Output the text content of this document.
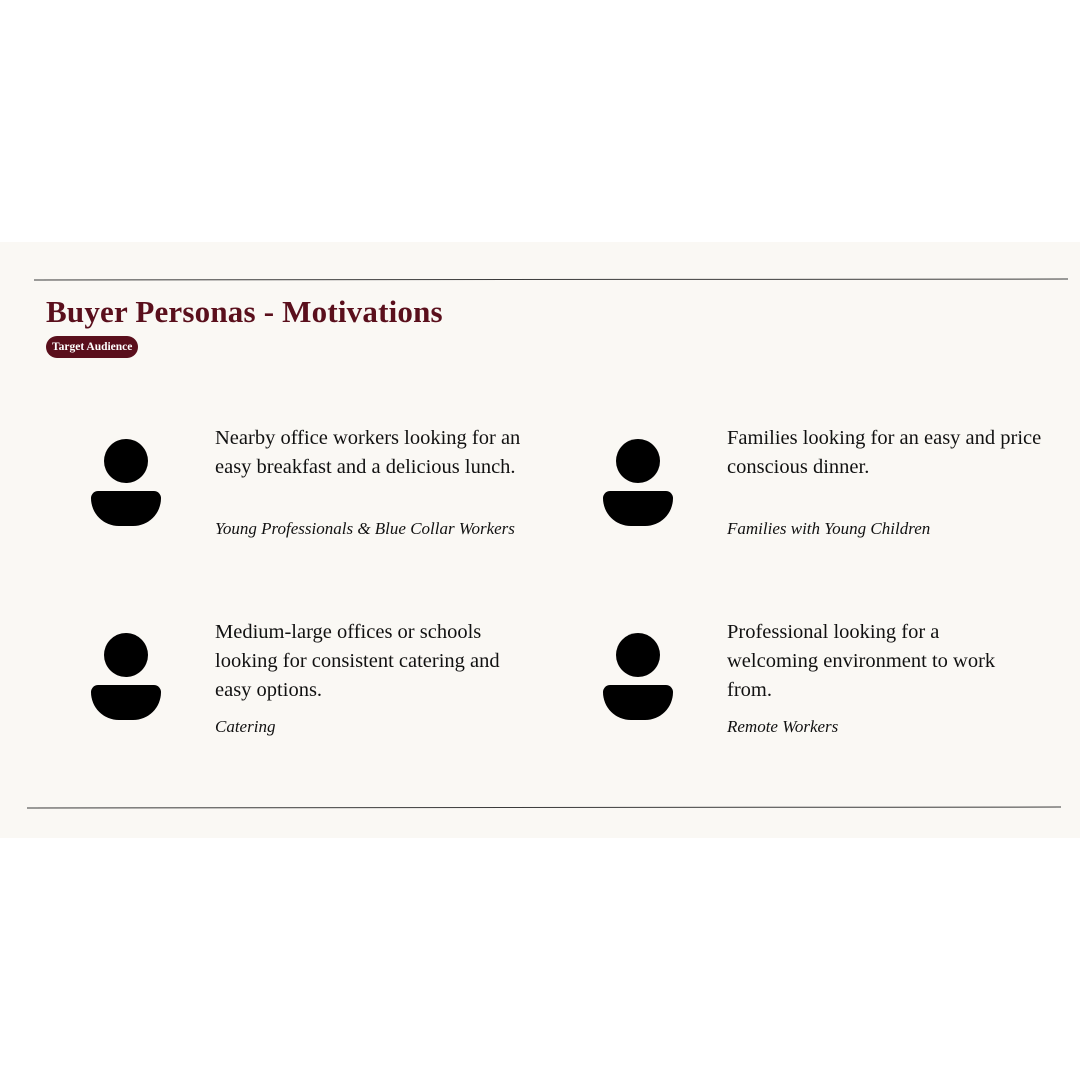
Buyer Personas - Motivations
Target Audience

Nearby office workers looking for an easy breakfast and a delicious lunch.

Young Professionals & Blue Collar Workers

Families looking for an easy and price conscious dinner.

Families with Young Children

Medium-large offices or schools looking for consistent catering and easy options.

Catering

Professional looking for a welcoming environment to work from.

Remote Workers
